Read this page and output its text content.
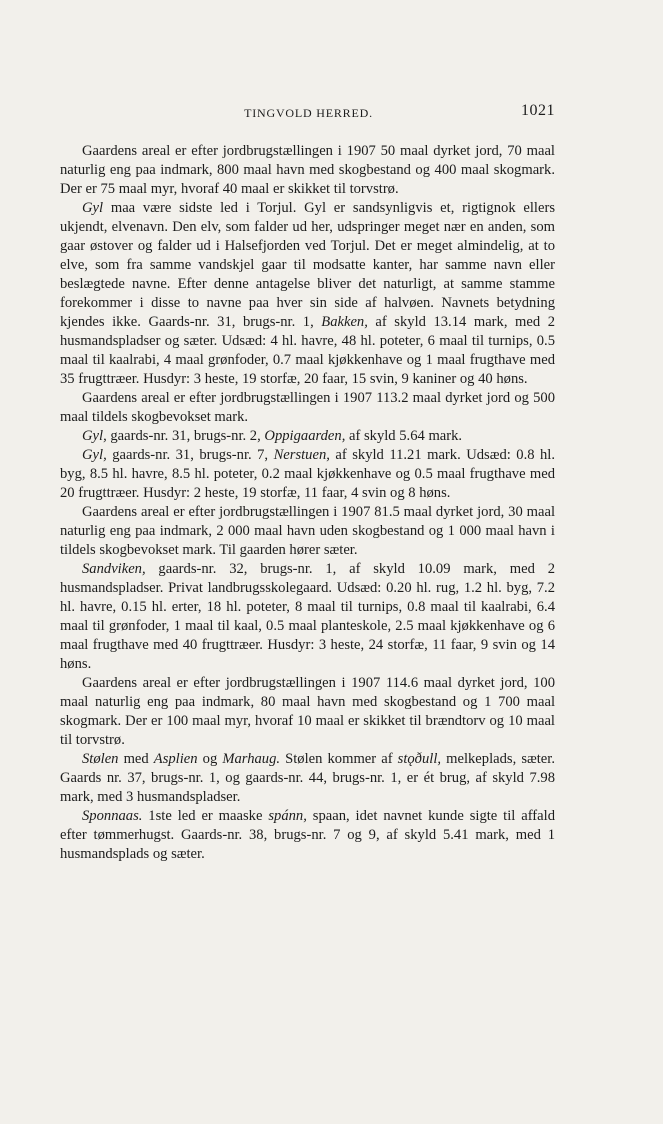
TINGVOLD HERRED.	1021

Gaardens areal er efter jordbrugstællingen i 1907 50 maal dyrket jord, 70 maal naturlig eng paa indmark, 800 maal havn med skogbestand og 400 maal skogmark. Der er 75 maal myr, hvoraf 40 maal er skikket til torvstrø.

Gyl maa være sidste led i Torjul. Gyl er sandsynligvis et, rigtignok ellers ukjendt, elvenavn. Den elv, som falder ud her, udspringer meget nær en anden, som gaar østover og falder ud i Halsefjorden ved Torjul. Det er meget almindelig, at to elve, som fra samme vandskjel gaar til modsatte kanter, har samme navn eller beslægtede navne. Efter denne antagelse bliver det naturligt, at samme stamme forekommer i disse to navne paa hver sin side af halvøen. Navnets betydning kjendes ikke. Gaards-nr. 31, brugs-nr. 1, Bakken, af skyld 13.14 mark, med 2 husmandspladser og sæter. Udsæd: 4 hl. havre, 48 hl. poteter, 6 maal til turnips, 0.5 maal til kaalrabi, 4 maal grønfoder, 0.7 maal kjøkkenhave og 1 maal frugthave med 35 frugttræer. Husdyr: 3 heste, 19 storfæ, 20 faar, 15 svin, 9 kaniner og 40 høns.

Gaardens areal er efter jordbrugstællingen i 1907 113.2 maal dyrket jord og 500 maal tildels skogbevokset mark.

Gyl, gaards-nr. 31, brugs-nr. 2, Oppigaarden, af skyld 5.64 mark.

Gyl, gaards-nr. 31, brugs-nr. 7, Nerstuen, af skyld 11.21 mark. Udsæd: 0.8 hl. byg, 8.5 hl. havre, 8.5 hl. poteter, 0.2 maal kjøkkenhave og 0.5 maal frugthave med 20 frugttræer. Husdyr: 2 heste, 19 storfæ, 11 faar, 4 svin og 8 høns.

Gaardens areal er efter jordbrugstællingen i 1907 81.5 maal dyrket jord, 30 maal naturlig eng paa indmark, 2 000 maal havn uden skogbestand og 1 000 maal havn i tildels skogbevokset mark. Til gaarden hører sæter.

Sandviken, gaards-nr. 32, brugs-nr. 1, af skyld 10.09 mark, med 2 husmandspladser. Privat landbrugsskolegaard. Udsæd: 0.20 hl. rug, 1.2 hl. byg, 7.2 hl. havre, 0.15 hl. erter, 18 hl. poteter, 8 maal til turnips, 0.8 maal til kaalrabi, 6.4 maal til grønfoder, 1 maal til kaal, 0.5 maal planteskole, 2.5 maal kjøkkenhave og 6 maal frugthave med 40 frugttræer. Husdyr: 3 heste, 24 storfæ, 11 faar, 9 svin og 14 høns.

Gaardens areal er efter jordbrugstællingen i 1907 114.6 maal dyrket jord, 100 maal naturlig eng paa indmark, 80 maal havn med skogbestand og 1 700 maal skogmark. Der er 100 maal myr, hvoraf 10 maal er skikket til brændtorv og 10 maal til torvstrø.

Stølen med Asplien og Marhaug. Stølen kommer af stǫðull, melkeplads, sæter. Gaards nr. 37, brugs-nr. 1, og gaards-nr. 44, brugs-nr. 1, er ét brug, af skyld 7.98 mark, med 3 husmandspladser.

Sponnaas. 1ste led er maaske spánn, spaan, idet navnet kunde sigte til affald efter tømmerhugst. Gaards-nr. 38, brugs-nr. 7 og 9, af skyld 5.41 mark, med 1 husmandsplads og sæter.
